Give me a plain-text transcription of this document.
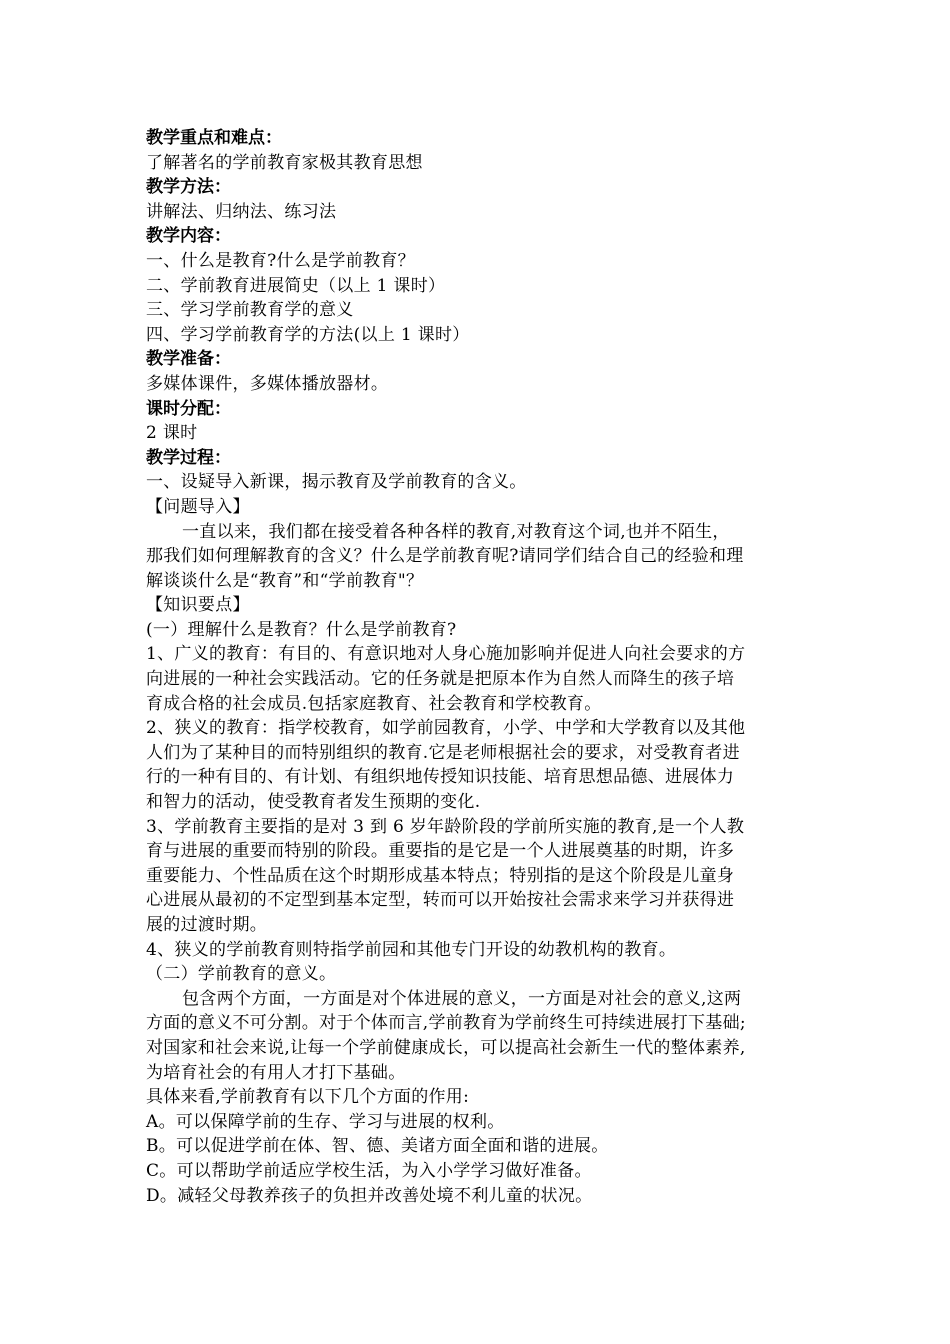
教学重点和难点：
了解著名的学前教育家极其教育思想
教学方法：
讲解法、归纳法、练习法
教学内容：
一、什么是教育?什么是学前教育？
二、学前教育进展简史（以上 1 课时）
三、学习学前教育学的意义
四、学习学前教育学的方法(以上 1 课时）
教学准备：
多媒体课件，多媒体播放器材。
课时分配：
2 课时
教学过程：
一、设疑导入新课，揭示教育及学前教育的含义。
【问题导入】
一直以来，我们都在接受着各种各样的教育,对教育这个词,也并不陌生，
那我们如何理解教育的含义？什么是学前教育呢?请同学们结合自己的经验和理
解谈谈什么是“教育”和“学前教育"？
【知识要点】
(一）理解什么是教育？什么是学前教育?
1、广义的教育：有目的、有意识地对人身心施加影响并促进人向社会要求的方
向进展的一种社会实践活动。它的任务就是把原本作为自然人而降生的孩子培
育成合格的社会成员.包括家庭教育、社会教育和学校教育。
2、狭义的教育：指学校教育，如学前园教育，小学、中学和大学教育以及其他
人们为了某种目的而特别组织的教育.它是老师根据社会的要求，对受教育者进
行的一种有目的、有计划、有组织地传授知识技能、培育思想品德、进展体力
和智力的活动，使受教育者发生预期的变化.
3、学前教育主要指的是对 3 到 6 岁年龄阶段的学前所实施的教育,是一个人教
育与进展的重要而特别的阶段。重要指的是它是一个人进展奠基的时期，许多
重要能力、个性品质在这个时期形成基本特点；特别指的是这个阶段是儿童身
心进展从最初的不定型到基本定型，转而可以开始按社会需求来学习并获得进
展的过渡时期。
4、狭义的学前教育则特指学前园和其他专门开设的幼教机构的教育。
（二）学前教育的意义。
包含两个方面，一方面是对个体进展的意义，一方面是对社会的意义,这两
方面的意义不可分割。对于个体而言,学前教育为学前终生可持续进展打下基础;
对国家和社会来说,让每一个学前健康成长，可以提高社会新生一代的整体素养,
为培育社会的有用人才打下基础。
具体来看,学前教育有以下几个方面的作用:
A。可以保障学前的生存、学习与进展的权利。
B。可以促进学前在体、智、德、美诸方面全面和谐的进展。
C。可以帮助学前适应学校生活，为入小学学习做好准备。
D。减轻父母教养孩子的负担并改善处境不利儿童的状况。
